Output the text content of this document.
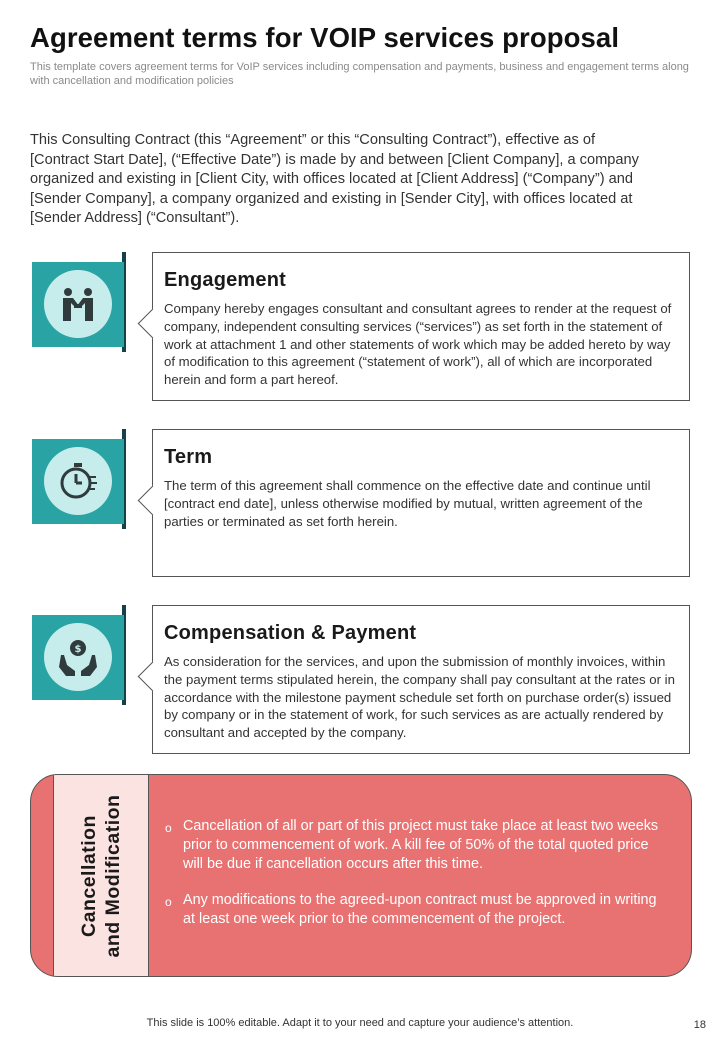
Agreement terms for VOIP services proposal
This template covers agreement terms for VoIP services including compensation and payments, business and engagement terms along with cancellation and modification policies
This Consulting Contract (this “Agreement” or this “Consulting Contract”), effective as of [Contract Start Date], (“Effective Date”) is made by and between [Client Company], a company organized and existing in [Client City, with offices located at [Client Address] (“Company”) and [Sender Company], a company organized and existing in [Sender City], with offices located at [Sender Address] (“Consultant”).
Engagement

Company hereby engages consultant and consultant agrees to render at the request of company, independent consulting services (“services”) as set forth in the statement of work at attachment 1 and other statements of work which may be added hereto by way of modification to this agreement (“statement of work”), all of which are incorporated herein and form a part hereof.

Term

The term of this agreement shall commence on the effective date and continue until [contract end date], unless otherwise modified by mutual, written agreement of the parties or terminated as set forth herein.

$
Compensation & Payment

As consideration for the services, and upon the submission of monthly invoices, within the payment terms stipulated herein, the company shall pay consultant at the rates or in accordance with the milestone payment schedule set forth on purchase order(s) issued by company or in the statement of work, for such services as are actually rendered by consultant and accepted by the company.

Cancellation and Modification	o Cancellation of all or part of this project must take place at least two weeks prior to commencement of work. A kill fee of 50% of the total quoted price will be due if cancellation occurs after this time.
o Any modifications to the agreed-upon contract must be approved in writing at least one week prior to the commencement of the project.
This slide is 100% editable. Adapt it to your need and capture your audience’s attention.	18
